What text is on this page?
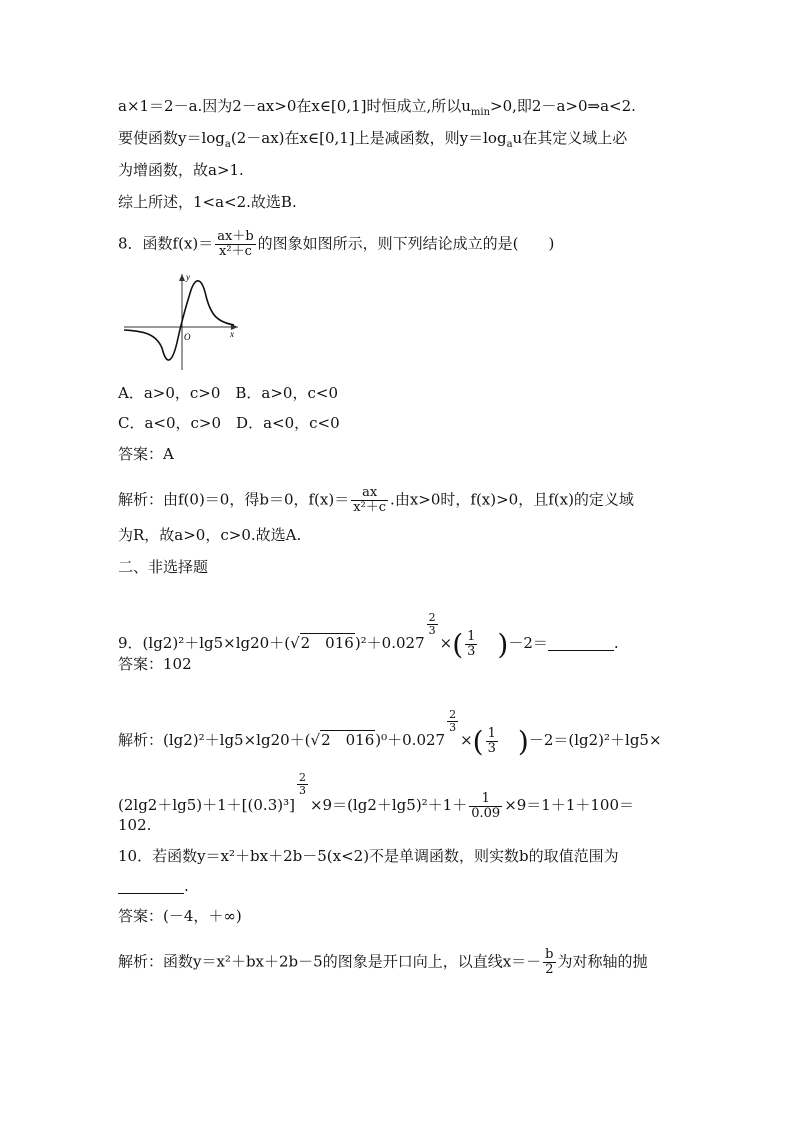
a×1＝2－a.因为2－ax>0在x∈[0,1]时恒成立,所以$u_{min}>0$,即2－a>0⇒a<2.
要使函数$y=\log_a(2-ax)$在x∈[0,1]上是减函数，则$y=\log_au$在其定义域上必
为增函数，故a>1.
综上所述，1<a<2.故选B.
8．函数$f(x)= \frac{ax+b}{\text{x²＋c}}$ 的图象如图所示，则下列结论成立的是(　　)
y
O	x
A．a>0，c>0　B．a>0，c<0
C．a<0，c>0　D．a<0，c<0
答案：A
解析：由f(0)＝0，得b＝0，$f(x)= \frac{ax}{\text{x²＋c}}$ .由x>0时，f(x)>0，且f(x)的定义域
为R，故a>0，c>0.故选A.
二、非选择题
9．(lg2)²＋lg5×lg20＋(√2　016)²＋0.027
$\frac{2}{3}$
×( $\frac{1}{3} )-2=$	.
答案：102
解析：(lg2)²＋lg5×lg20＋(√2　016)⁰＋0.027
$\frac{2}{3}$
×( $\frac{1}{3} )-2=(\lg 2)^2+\lg 5\times$
(2lg2＋lg5)＋1＋[(0.3)³]
$\frac{2}{3}$
$\times 9=(\lg 2+\lg 5)^2+1+ \frac{1}{0.09} \times 9=1+1+100=$
102.
10．若函数y＝x²＋bx＋2b－5(x<2)不是单调函数，则实数b的取值范围为
.
答案：(－4，＋∞)
解析：函数y＝x²＋bx＋2b－5的图象是开口向上，以直线$x=- \frac{b}{2}$ 为对称轴的抛
